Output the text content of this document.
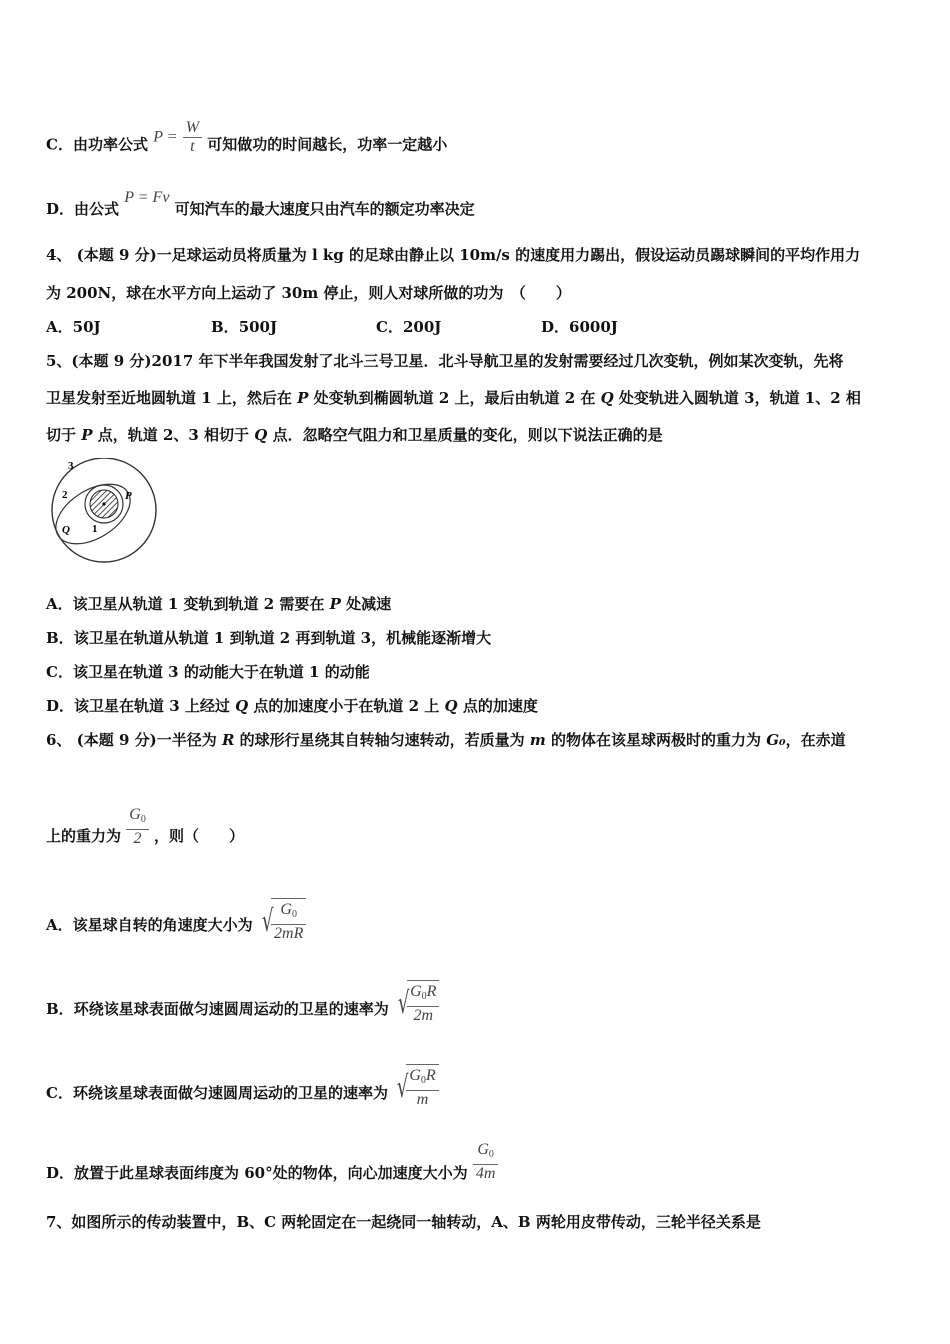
C．由功率公式 $P = \frac{W}{t}$ 可知做功的时间越长，功率一定越小
D．由公式 P = Fv 可知汽车的最大速度只由汽车的额定功率决定
4、 (本题 9 分)一足球运动员将质量为 l kg 的足球由静止以 10m/s 的速度用力踢出，假设运动员踢球瞬间的平均作用力
为 200N，球在水平方向上运动了 30m 停止，则人对球所做的功为　（　　）
A．50J	B．500J	C．200J	D．6000J
5、(本题 9 分)2017 年下半年我国发射了北斗三号卫星．北斗导航卫星的发射需要经过几次变轨，例如某次变轨，先将
卫星发射至近地圆轨道 1 上，然后在 P 处变轨到椭圆轨道 2 上，最后由轨道 2 在 Q 处变轨进入圆轨道 3，轨道 1、2 相
切于 P 点，轨道 2、3 相切于 Q 点．忽略空气阻力和卫星质量的变化，则以下说法正确的是
3
2
1
P
Q
A．该卫星从轨道 1 变轨到轨道 2 需要在 P 处减速
B．该卫星在轨道从轨道 1 到轨道 2 再到轨道 3，机械能逐渐增大
C．该卫星在轨道 3 的动能大于在轨道 1 的动能
D．该卫星在轨道 3 上经过 Q 点的加速度小于在轨道 2 上 Q 点的加速度
6、 (本题 9 分)一半径为 R 的球形行星绕其自转轴匀速转动，若质量为 m 的物体在该星球两极时的重力为 G₀，在赤道
上的重力为 $\frac{G0}{2}$ ，则（　　）
A．该星球自转的角速度大小为 √
$\frac{G0}{2mR}$
B．环绕该星球表面做匀速圆周运动的卫星的速率为 √
$\frac{G0R}{2m}$
C．环绕该星球表面做匀速圆周运动的卫星的速率为 √
$\frac{G0R}{m}$
D．放置于此星球表面纬度为 60°处的物体，向心加速度大小为 $\frac{G0}{4m}$
7、如图所示的传动装置中，B、C 两轮固定在一起绕同一轴转动，A、B 两轮用皮带传动，三轮半径关系是
